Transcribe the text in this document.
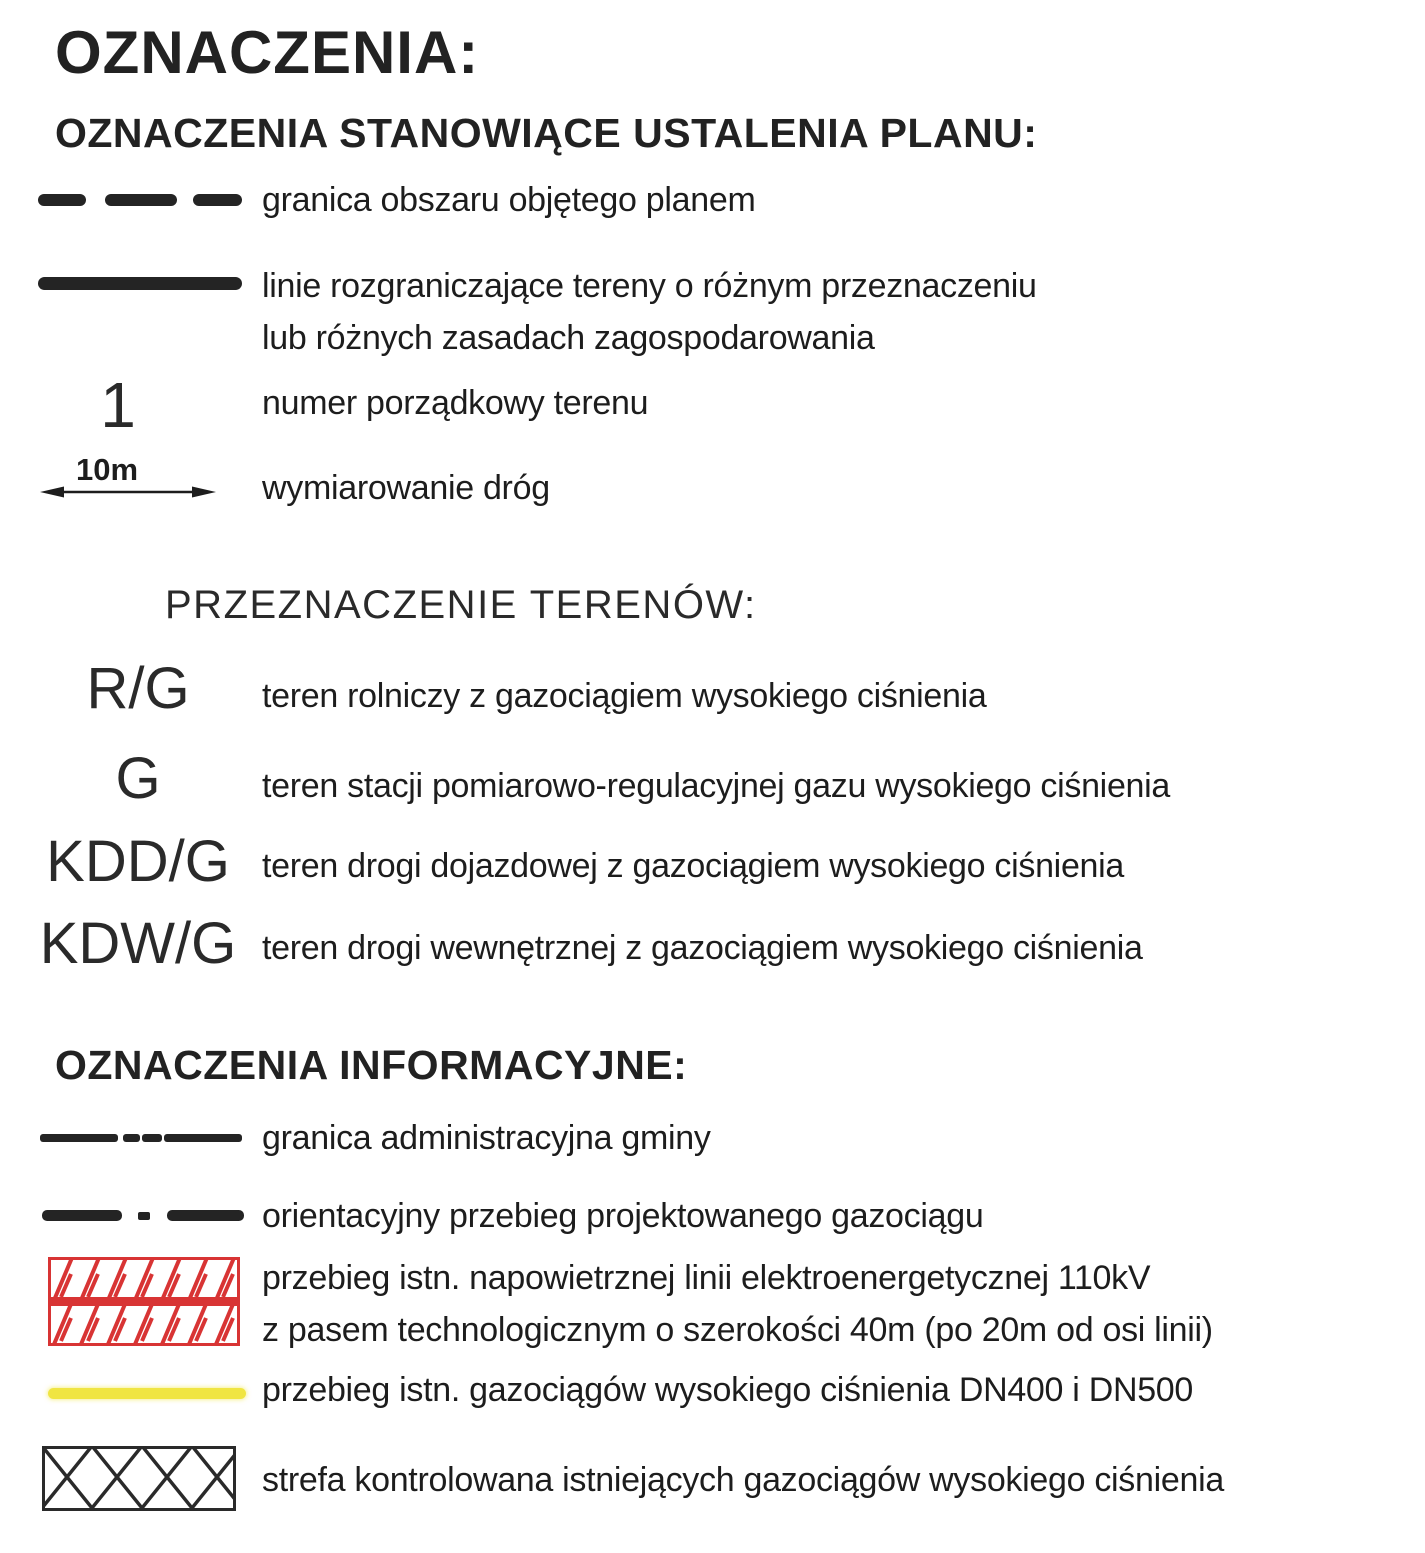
OZNACZENIA:
OZNACZENIA STANOWIĄCE USTALENIA PLANU:
granica obszaru objętego planem
linie rozgraniczające tereny o różnym przeznaczeniu
lub różnych zasadach zagospodarowania
1	numer porządkowy terenu
10m	wymiarowanie dróg
PRZEZNACZENIE TERENÓW:
R/G	teren rolniczy z gazociągiem wysokiego ciśnienia
G	teren stacji pomiarowo-regulacyjnej gazu wysokiego ciśnienia
KDD/G teren drogi dojazdowej z gazociągiem wysokiego ciśnienia
KDW/G teren drogi wewnętrznej z gazociągiem wysokiego ciśnienia
OZNACZENIA INFORMACYJNE:
granica administracyjna gminy
orientacyjny przebieg projektowanego gazociągu
przebieg istn. napowietrznej linii elektroenergetycznej 110kV
z pasem technologicznym o szerokości 40m (po 20m od osi linii)
przebieg istn. gazociągów wysokiego ciśnienia DN400 i DN500
strefa kontrolowana istniejących gazociągów wysokiego ciśnienia
